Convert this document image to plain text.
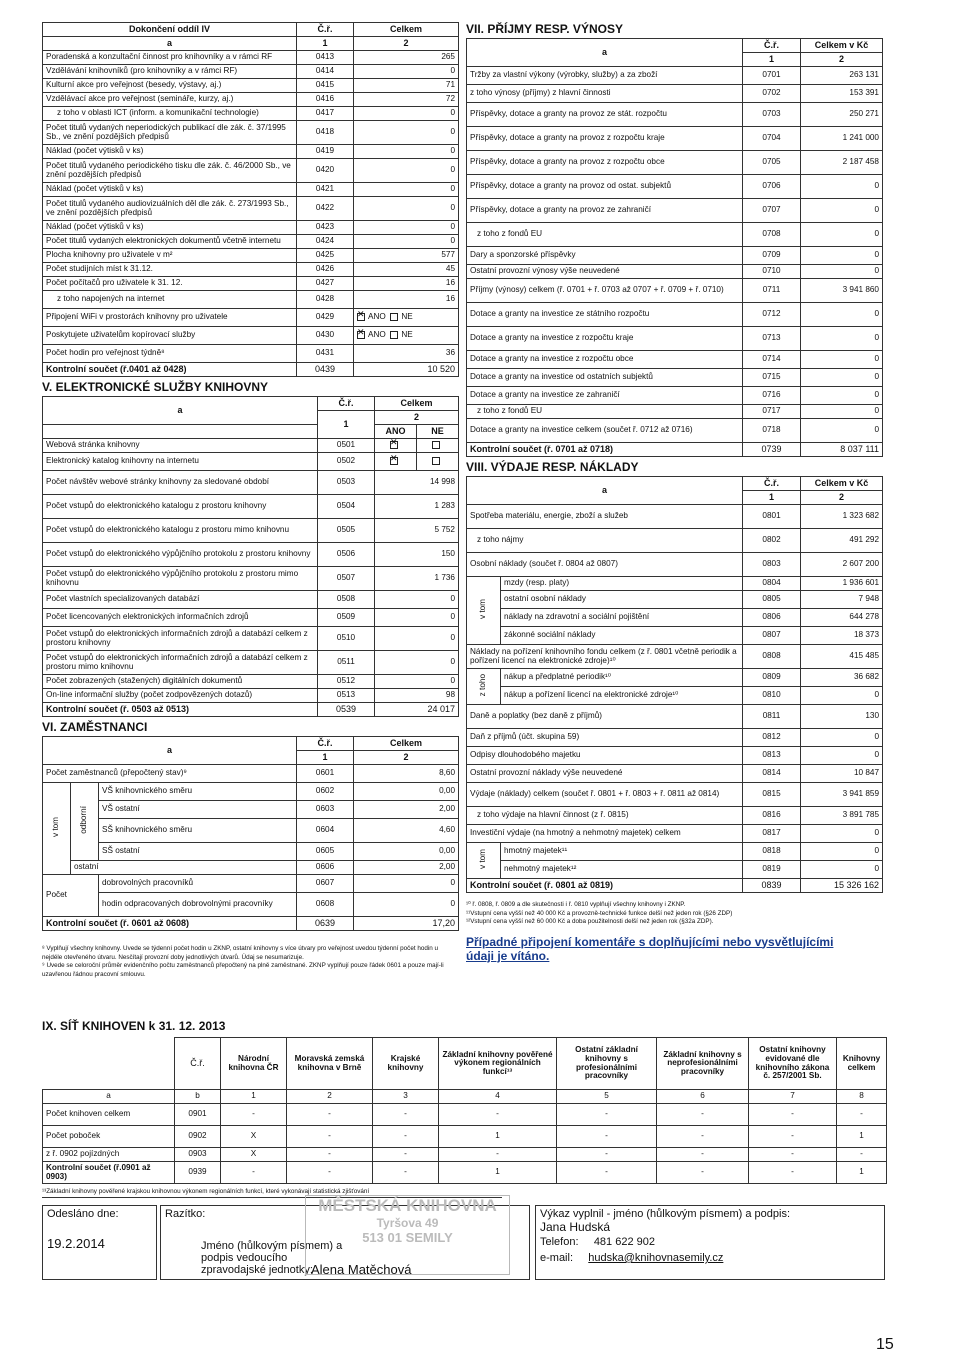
Dokončení oddíl IV	Č.ř.	Celkem
a	1	2
Poradenská a konzultační činnost pro knihovníky a v rámci RF	0413	265
Vzdělávání knihovníků (pro knihovníky a v rámci RF)	0414	0
Kulturní akce pro veřejnost (besedy, výstavy, aj.)	0415	71
Vzdělávací akce pro veřejnost (semináře, kurzy, aj.)	0416	72
z toho v oblasti ICT (inform. a komunikační technologie)	0417	0
Počet titulů vydaných neperiodických publikací dle zák. č. 37/1995 Sb., ve znění pozdějších předpisů	0418	0
Náklad (počet výtisků v ks)	0419	0
Počet titulů vydaného periodického tisku dle zák. č. 46/2000 Sb., ve znění pozdějších předpisů	0420	0
Náklad (počet výtisků v ks)	0421	0
Počet titulů vydaného audiovizuálních děl dle zák. č. 273/1993 Sb., ve znění pozdějších předpisů	0422	0
Náklad (počet výtisků v ks)	0423	0
Počet titulů vydaných elektronických dokumentů včetně internetu	0424	0
Plocha knihovny pro uživatele v m²	0425	577
Počet studijních míst k 31.12.	0426	45
Počet počítačů pro uživatele k 31. 12.	0427	16
z toho napojených na internet	0428	16
Připojení WiFi v prostorách knihovny pro uživatele	0429	✕ANO NE
Poskytujete uživatelům kopírovací služby	0430	✕ANO NE
Počet hodin pro veřejnost týdně⁸	0431	36
Kontrolní součet (ř.0401 až 0428)	0439	10 520
V. ELEKTRONICKÉ SLUŽBY KNIHOVNY
a	Č.ř.	Celkem	
	1	2	
		ANO	NE
Webová stránka knihovny	0501	✕	
Elektronický katalog knihovny na internetu	0502	✕	
Počet návštěv webové stránky knihovny za sledované období	0503	14 998	
Počet vstupů do elektronického katalogu z prostoru knihovny	0504	1 283	
Počet vstupů do elektronického katalogu z prostoru mimo knihovnu	0505	5 752	
Počet vstupů do elektronického výpůjčního protokolu z prostoru knihovny	0506	150	
Počet vstupů do elektronického výpůjčního protokolu z prostoru mimo knihovnu	0507	1 736	
Počet vlastních specializovaných databází	0508	0	
Počet licencovaných elektronických informačních zdrojů	0509	0	
Počet vstupů do elektronických informačních zdrojů a databází celkem z prostoru knihovny	0510	0	
Počet vstupů do elektronických informačních zdrojů a databází celkem z prostoru mimo knihovnu	0511	0	
Počet zobrazených (stažených) digitálních dokumentů	0512	0	
On-line informační služby (počet zodpovězených dotazů)	0513	98	
Kontrolní součet (ř. 0503 až 0513)	0539	24 017	
VI. ZAMĚSTNANCI
a			Č.ř.	Celkem
			1	2
Počet zaměstnanců (přepočtený stav)⁹			0601	8,60
v tom	odborní	VŠ knihovnického směru	0602	0,00
		VŠ ostatní	0603	2,00
		SŠ knihovnického směru	0604	4,60
		SŠ ostatní	0605	0,00
	ostatní		0606	2,00
Počet		dobrovolných pracovníků	0607	0
		hodin odpracovaných dobrovolnými pracovníky	0608	0
Kontrolní součet (ř. 0601 až 0608)			0639	17,20
⁸ Vyplňují všechny knihovny. Uvede se týdenní počet hodin u ZKNP, ostatní knihovny s více útvary pro veřejnost uvedou týdenní počet hodin u nejdéle otevřeného útvaru. Nesčítají provozní doby jednotlivých útvarů. Údaj se nesumarizuje.
⁹ Uvede se celoroční průměr evidenčního počtu zaměstnanců přepočtený na plně zaměstnané. ZKNP vyplňují pouze řádek 0601 a pouze mají-li uzavřenou řádnou pracovní smlouvu.
VII. PŘÍJMY RESP. VÝNOSY
a	Č.ř.	Celkem v Kč
	1	2
Tržby za vlastní výkony (výrobky, služby) a za zboží	0701	263 131
z toho výnosy (příjmy) z hlavní činnosti	0702	153 391
Příspěvky, dotace a granty na provoz ze stát. rozpočtu	0703	250 271
Příspěvky, dotace a granty na provoz z rozpočtu kraje	0704	1 241 000
Příspěvky, dotace a granty na provoz z rozpočtu obce	0705	2 187 458
Příspěvky, dotace a granty na provoz od ostat. subjektů	0706	0
Příspěvky, dotace a granty na provoz ze zahraničí	0707	0
z toho z fondů EU	0708	0
Dary a sponzorské příspěvky	0709	0
Ostatní provozní výnosy výše neuvedené	0710	0
Příjmy (výnosy) celkem (ř. 0701 + ř. 0703 až 0707 + ř. 0709 + ř. 0710)	0711	3 941 860
Dotace a granty na investice ze státního rozpočtu	0712	0
Dotace a granty na investice z rozpočtu kraje	0713	0
Dotace a granty na investice z rozpočtu obce	0714	0
Dotace a granty na investice od ostatních subjektů	0715	0
Dotace a granty na investice ze zahraničí	0716	0
z toho z fondů EU	0717	0
Dotace a granty na investice celkem (součet ř. 0712 až 0716)	0718	0
Kontrolní součet (ř. 0701 až 0718)	0739	8 037 111
VIII. VÝDAJE RESP. NÁKLADY
a		Č.ř.	Celkem v Kč
		1	2
Spotřeba materiálu, energie, zboží a služeb		0801	1 323 682
z toho nájmy		0802	491 292
Osobní náklady (součet ř. 0804 až 0807)		0803	2 607 200
v tom	mzdy (resp. platy)	0804	1 936 601
	ostatní osobní náklady	0805	7 948
	náklady na zdravotní a sociální pojištění	0806	644 278
	zákonné sociální náklady	0807	18 373
Náklady na pořízení knihovního fondu celkem (z ř. 0801 včetně periodik a pořízení licencí na elektronické zdroje)¹⁰		0808	415 485
z toho	nákup a předplatné periodik¹⁰	0809	36 682
	nákup a pořízení licencí na elektronické zdroje¹⁰	0810	0
Daně a poplatky (bez daně z příjmů)		0811	130
Daň z příjmů (účt. skupina 59)		0812	0
Odpisy dlouhodobého majetku		0813	0
Ostatní provozní náklady výše neuvedené		0814	10 847
Výdaje (náklady) celkem (součet ř. 0801 + ř. 0803 + ř. 0811 až 0814)		0815	3 941 859
z toho výdaje na hlavní činnost (z ř. 0815)		0816	3 891 785
Investiční výdaje (na hmotný a nehmotný majetek) celkem		0817	0
v tom	hmotný majetek¹¹	0818	0
	nehmotný majetek¹²	0819	0
Kontrolní součet (ř. 0801 až 0819)		0839	15 326 162
¹⁰ ř. 0808, ř. 0809 a dle skutečnosti i ř. 0810 vyplňují všechny knihovny i ZKNP.
¹¹Vstupní cena vyšší než 40 000 Kč a provozně-technické funkce delší než jeden rok (§26 ZDP)
¹²Vstupní cena vyšší než 60 000 Kč a doba použitelnosti delší než jeden rok (§32a ZDP).
Případné připojení komentáře s doplňujícími nebo vysvětlujícími údaji je vítáno.
IX. SÍŤ KNIHOVEN k 31. 12. 2013
	Č.ř.	Národní knihovna ČR	Moravská zemská knihovna v Brně	Krajské knihovny	Základní knihovny pověřené výkonem regionálních funkcí¹³	Ostatní základní knihovny s profesionálními pracovníky	Základní knihovny s neprofesionálními pracovníky	Ostatní knihovny evidované dle knihovního zákona č. 257/2001 Sb.	Knihovny celkem
a	b	1	2	3	4	5	6	7	8
Počet knihoven celkem	0901	-	-	-	-	-	-	-	-
Počet poboček	0902	X	-	-	1	-	-	-	1
z ř. 0902 pojízdných	0903	X	-	-	-	-	-	-	-
Kontrolní součet (ř.0901 až 0903)	0939	-	-	-	1	-	-	-	1
¹³Základní knihovny pověřené krajskou knihovnou výkonem regionálních funkcí, které vykonávají statistická zjišťování
Odesláno dne:
19.2.2014
Razítko:
Jméno (hůlkovým písmem) a podpis vedoucího zpravodajské jednotky:
Alena Matěchová
MĚSTSKÁ KNIHOVNA
Tyršova 49
513 01 SEMILY
Výkaz vyplnil - jméno (hůlkovým písmem) a podpis:
Jana Hudská
Telefon: 481 622 902
e-mail: hudska@knihovnasemily.cz
15
